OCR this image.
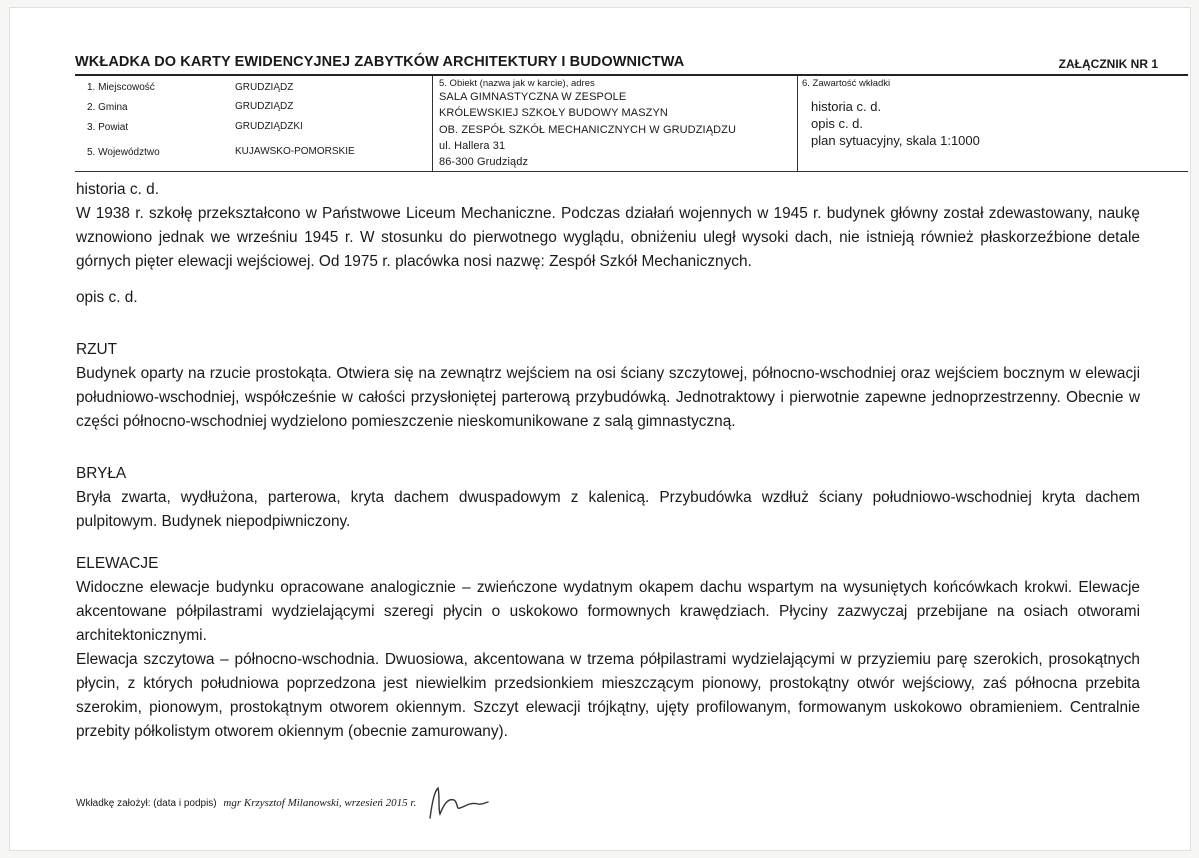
WKŁADKA DO KARTY EWIDENCYJNEJ ZABYTKÓW ARCHITEKTURY I BUDOWNICTWA	ZAŁĄCZNIK NR 1
1. Miejscowość	GRUDZIĄDZ
2. Gmina	GRUDZIĄDZ
3. Powiat	GRUDZIĄDZKI
5. Województwo	KUJAWSKO-POMORSKIE
5. Obiekt (nazwa jak w karcie), adres
SALA GIMNASTYCZNA W ZESPOLE
KRÓLEWSKIEJ SZKOŁY BUDOWY MASZYN
OB. ZESPÓŁ SZKÓŁ MECHANICZNYCH W GRUDZIĄDZU
ul. Hallera 31
86-300 Grudziądz
6. Zawartość wkładki
historia c. d.
opis c. d.
plan sytuacyjny, skala 1:1000

historia c. d.

W 1938 r. szkołę przekształcono w Państwowe Liceum Mechaniczne. Podczas działań wojennych w 1945 r. budynek główny został zdewastowany, naukę wznowiono jednak we wrześniu 1945 r. W stosunku do pierwotnego wyglądu, obniżeniu uległ wysoki dach, nie istnieją również płaskorzeźbione detale górnych pięter elewacji wejściowej. Od 1975 r. placówka nosi nazwę: Zespół Szkół Mechanicznych.

opis c. d.

RZUT

Budynek oparty na rzucie prostokąta. Otwiera się na zewnątrz wejściem na osi ściany szczytowej, północno-wschodniej oraz wejściem bocznym w elewacji południowo-wschodniej, współcześnie w całości przysłoniętej parterową przybudówką. Jednotraktowy i pierwotnie zapewne jednoprzestrzenny. Obecnie w części północno-wschodniej wydzielono pomieszczenie nieskomunikowane z salą gimnastyczną.

BRYŁA

Bryła zwarta, wydłużona, parterowa, kryta dachem dwuspadowym z kalenicą. Przybudówka wzdłuż ściany południowo-wschodniej kryta dachem pulpitowym. Budynek niepodpiwniczony.

ELEWACJE

Widoczne elewacje budynku opracowane analogicznie – zwieńczone wydatnym okapem dachu wspartym na wysuniętych końcówkach krokwi. Elewacje akcentowane półpilastrami wydzielającymi szeregi płycin o uskokowo formownych krawędziach. Płyciny zazwyczaj przebijane na osiach otworami architektonicznymi.

Elewacja szczytowa – północno-wschodnia. Dwuosiowa, akcentowana w trzema półpilastrami wydzielającymi w przyziemiu parę szerokich, prosokątnych płycin, z których południowa poprzedzona jest niewielkim przedsionkiem mieszczącym pionowy, prostokątny otwór wejściowy, zaś północna przebita szerokim, pionowym, prostokątnym otworem okiennym. Szczyt elewacji trójkątny, ujęty profilowanym, formowanym uskokowo obramieniem. Centralnie przebity półkolistym otworem okiennym (obecnie zamurowany).

Wkładkę założył: (data i podpis) mgr Krzysztof Milanowski, wrzesień 2015 r.
